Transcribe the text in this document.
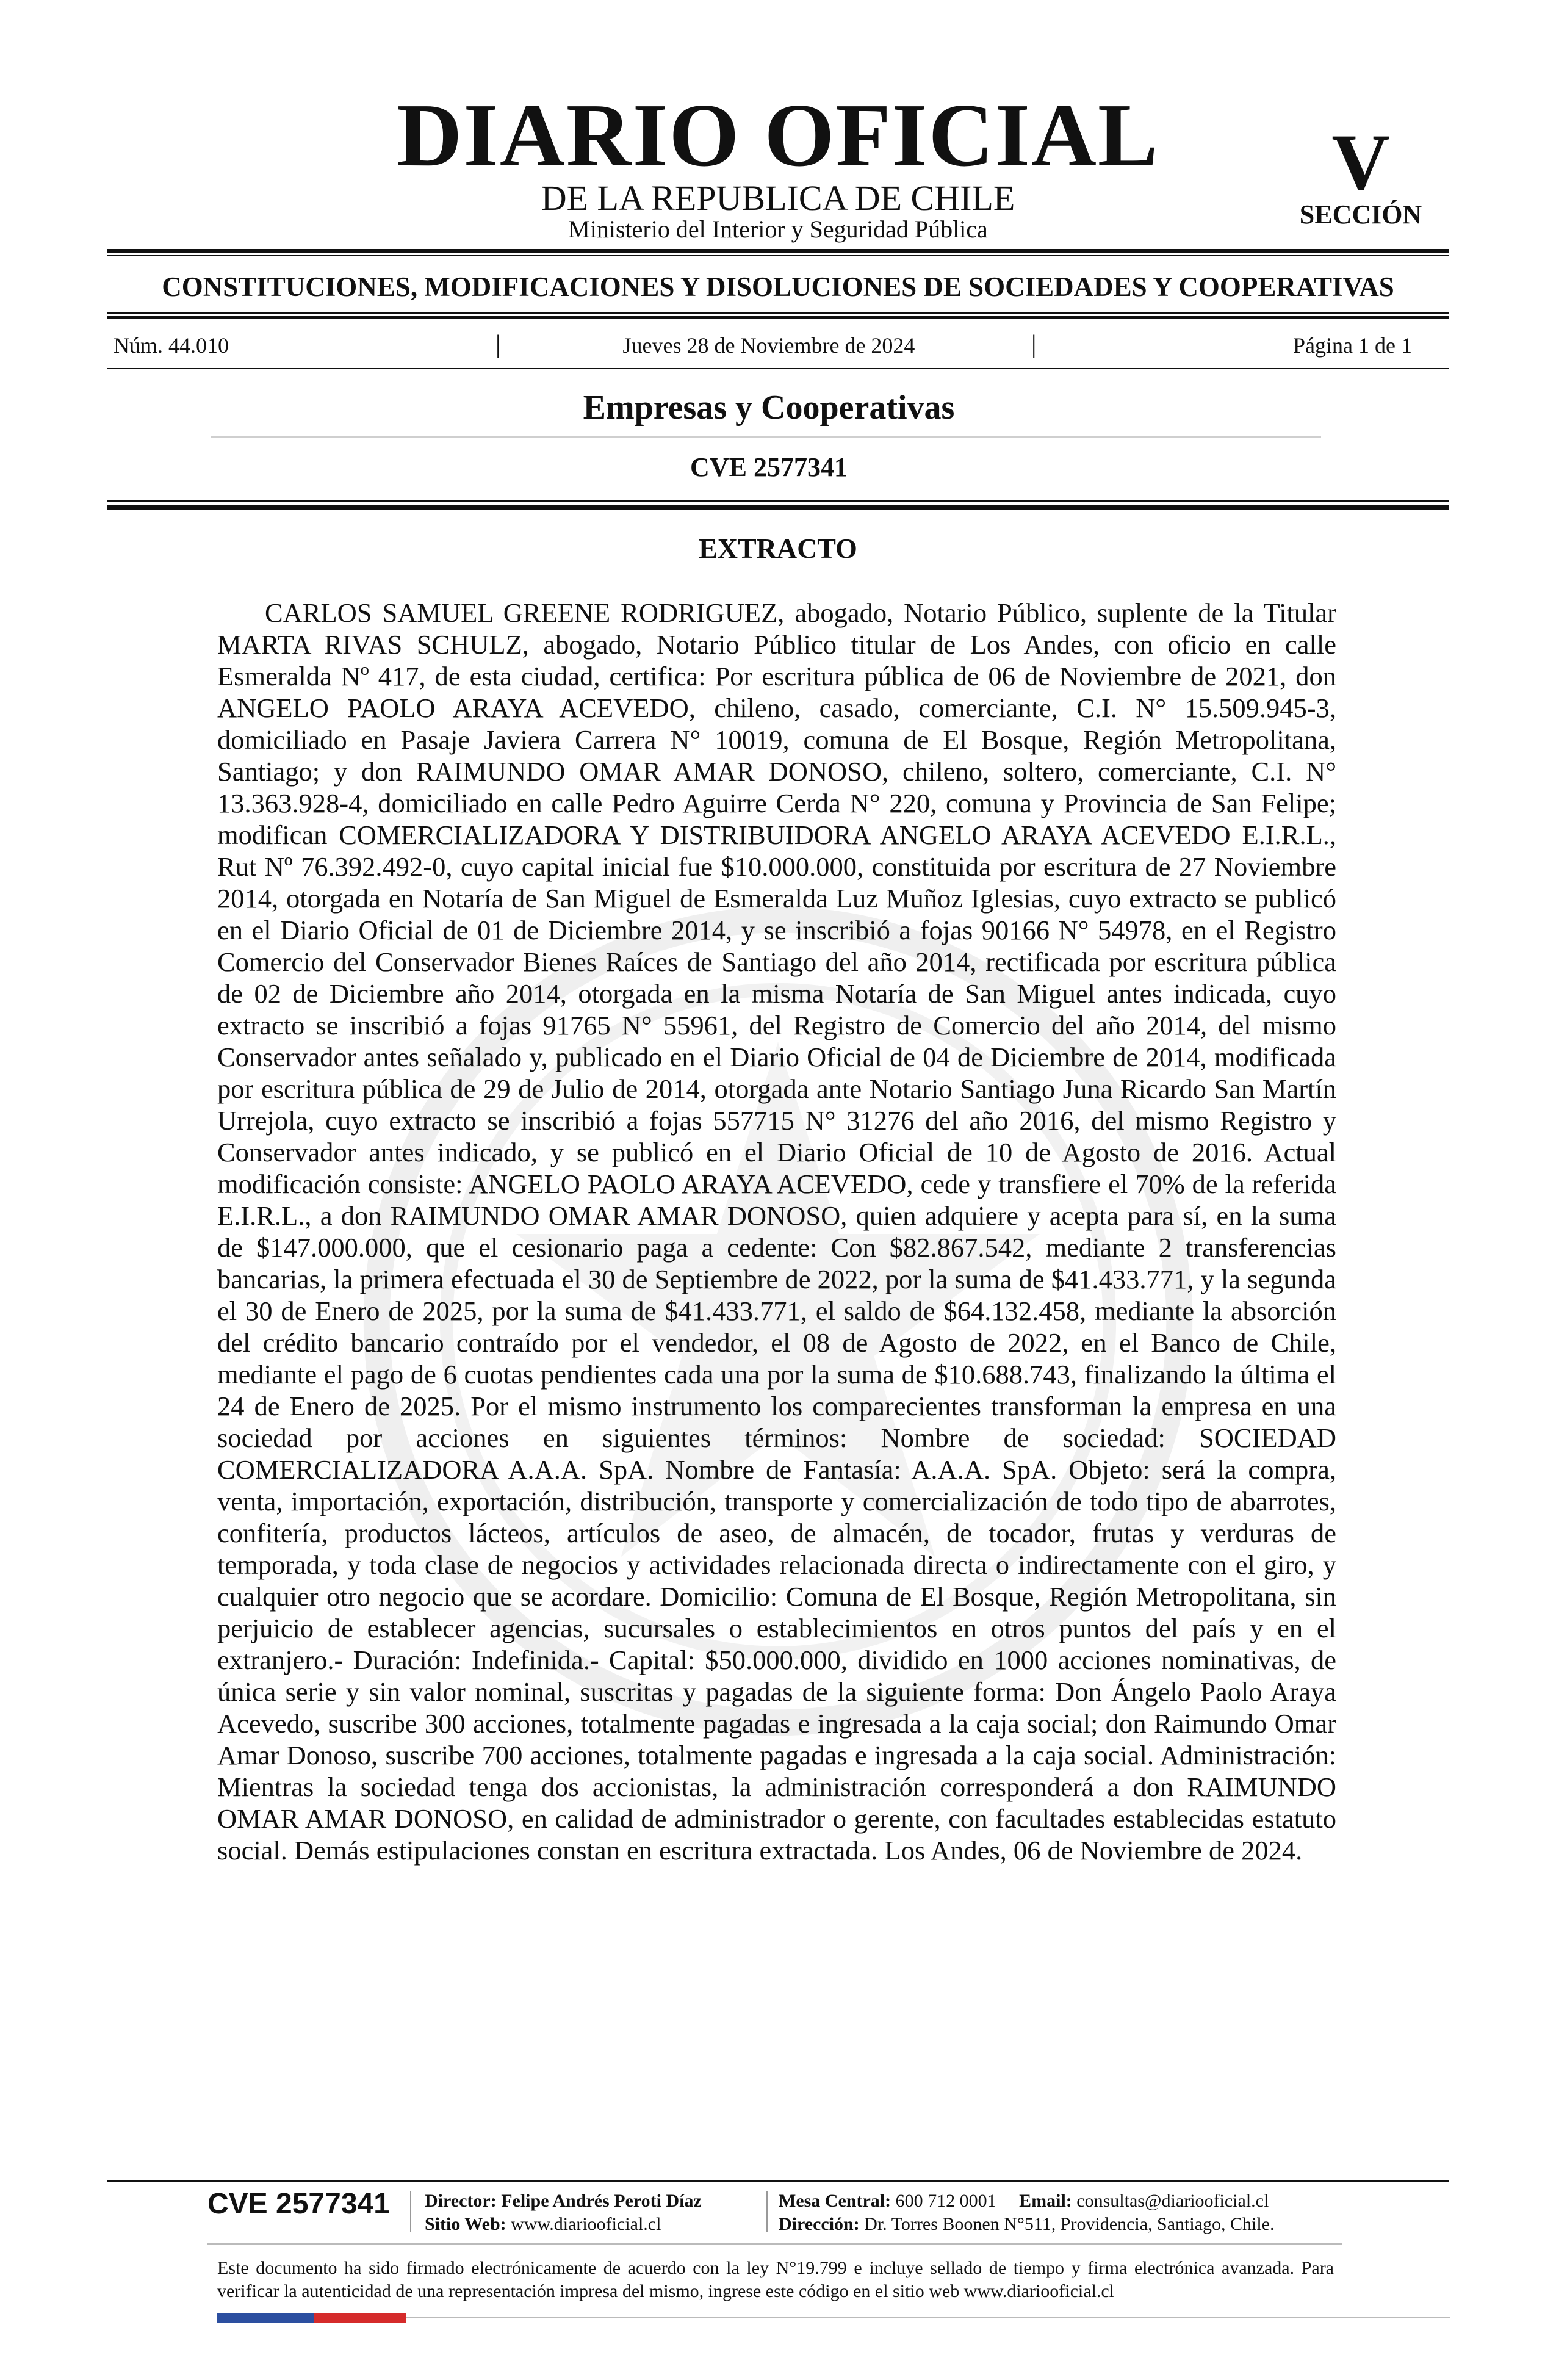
DIARIO OFICIAL
DE LA REPUBLICA DE CHILE
Ministerio del Interior y Seguridad Pública
V
SECCIÓN
CONSTITUCIONES, MODIFICACIONES Y DISOLUCIONES DE SOCIEDADES Y COOPERATIVAS
Núm. 44.010	|	Jueves 28 de Noviembre de 2024	|	Página 1 de 1
Empresas y Cooperativas
CVE 2577341
EXTRACTO

CARLOS SAMUEL GREENE RODRIGUEZ, abogado, Notario Público, suplente de la Titular MARTA RIVAS SCHULZ, abogado, Notario Público titular de Los Andes, con oficio en calle Esmeralda Nº 417, de esta ciudad, certifica: Por escritura pública de 06 de Noviembre de 2021, don ANGELO PAOLO ARAYA ACEVEDO, chileno, casado, comerciante, C.I. N° 15.509.945-3, domiciliado en Pasaje Javiera Carrera N° 10019, comuna de El Bosque, Región Metropolitana, Santiago; y don RAIMUNDO OMAR AMAR DONOSO, chileno, soltero, comerciante, C.I. N° 13.363.928-4, domiciliado en calle Pedro Aguirre Cerda N° 220, comuna y Provincia de San Felipe; modifican COMERCIALIZADORA Y DISTRIBUIDORA ANGELO ARAYA ACEVEDO E.I.R.L., Rut Nº 76.392.492-0, cuyo capital inicial fue $10.000.000, constituida por escritura de 27 Noviembre 2014, otorgada en Notaría de San Miguel de Esmeralda Luz Muñoz Iglesias, cuyo extracto se publicó en el Diario Oficial de 01 de Diciembre 2014, y se inscribió a fojas 90166 N° 54978, en el Registro Comercio del Conservador Bienes Raíces de Santiago del año 2014, rectificada por escritura pública de 02 de Diciembre año 2014, otorgada en la misma Notaría de San Miguel antes indicada, cuyo extracto se inscribió a fojas 91765 N° 55961, del Registro de Comercio del año 2014, del mismo Conservador antes señalado y, publicado en el Diario Oficial de 04 de Diciembre de 2014, modificada por escritura pública de 29 de Julio de 2014, otorgada ante Notario Santiago Juna Ricardo San Martín Urrejola, cuyo extracto se inscribió a fojas 557715 N° 31276 del año 2016, del mismo Registro y Conservador antes indicado, y se publicó en el Diario Oficial de 10 de Agosto de 2016. Actual modificación consiste: ANGELO PAOLO ARAYA ACEVEDO, cede y transfiere el 70% de la referida E.I.R.L., a don RAIMUNDO OMAR AMAR DONOSO, quien adquiere y acepta para sí, en la suma de $147.000.000, que el cesionario paga a cedente: Con $82.867.542, mediante 2 transferencias bancarias, la primera efectuada el 30 de Septiembre de 2022, por la suma de $41.433.771, y la segunda el 30 de Enero de 2025, por la suma de $41.433.771, el saldo de $64.132.458, mediante la absorción del crédito bancario contraído por el vendedor, el 08 de Agosto de 2022, en el Banco de Chile, mediante el pago de 6 cuotas pendientes cada una por la suma de $10.688.743, finalizando la última el 24 de Enero de 2025. Por el mismo instrumento los comparecientes transforman la empresa en una sociedad por acciones en siguientes términos: Nombre de sociedad: SOCIEDAD COMERCIALIZADORA A.A.A. SpA. Nombre de Fantasía: A.A.A. SpA. Objeto: será la compra, venta, importación, exportación, distribución, transporte y comercialización de todo tipo de abarrotes, confitería, productos lácteos, artículos de aseo, de almacén, de tocador, frutas y verduras de temporada, y toda clase de negocios y actividades relacionada directa o indirectamente con el giro, y cualquier otro negocio que se acordare. Domicilio: Comuna de El Bosque, Región Metropolitana, sin perjuicio de establecer agencias, sucursales o establecimientos en otros puntos del país y en el extranjero.- Duración: Indefinida.- Capital: $50.000.000, dividido en 1000 acciones nominativas, de única serie y sin valor nominal, suscritas y pagadas de la siguiente forma: Don Ángelo Paolo Araya Acevedo, suscribe 300 acciones, totalmente pagadas e ingresada a la caja social; don Raimundo Omar Amar Donoso, suscribe 700 acciones, totalmente pagadas e ingresada a la caja social. Administración: Mientras la sociedad tenga dos accionistas, la administración corresponderá a don RAIMUNDO OMAR AMAR DONOSO, en calidad de administrador o gerente, con facultades establecidas estatuto social. Demás estipulaciones constan en escritura extractada. Los Andes, 06 de Noviembre de 2024.

CVE 2577341 Director: Felipe Andrés Peroti Díaz
Sitio Web: www.diariooficial.cl
Mesa Central: 600 712 0001 Email: consultas@diariooficial.cl
Dirección: Dr. Torres Boonen N°511, Providencia, Santiago, Chile.

Este documento ha sido firmado electrónicamente de acuerdo con la ley N°19.799 e incluye sellado de tiempo y firma electrónica avanzada. Para verificar la autenticidad de una representación impresa del mismo, ingrese este código en el sitio web www.diariooficial.cl
